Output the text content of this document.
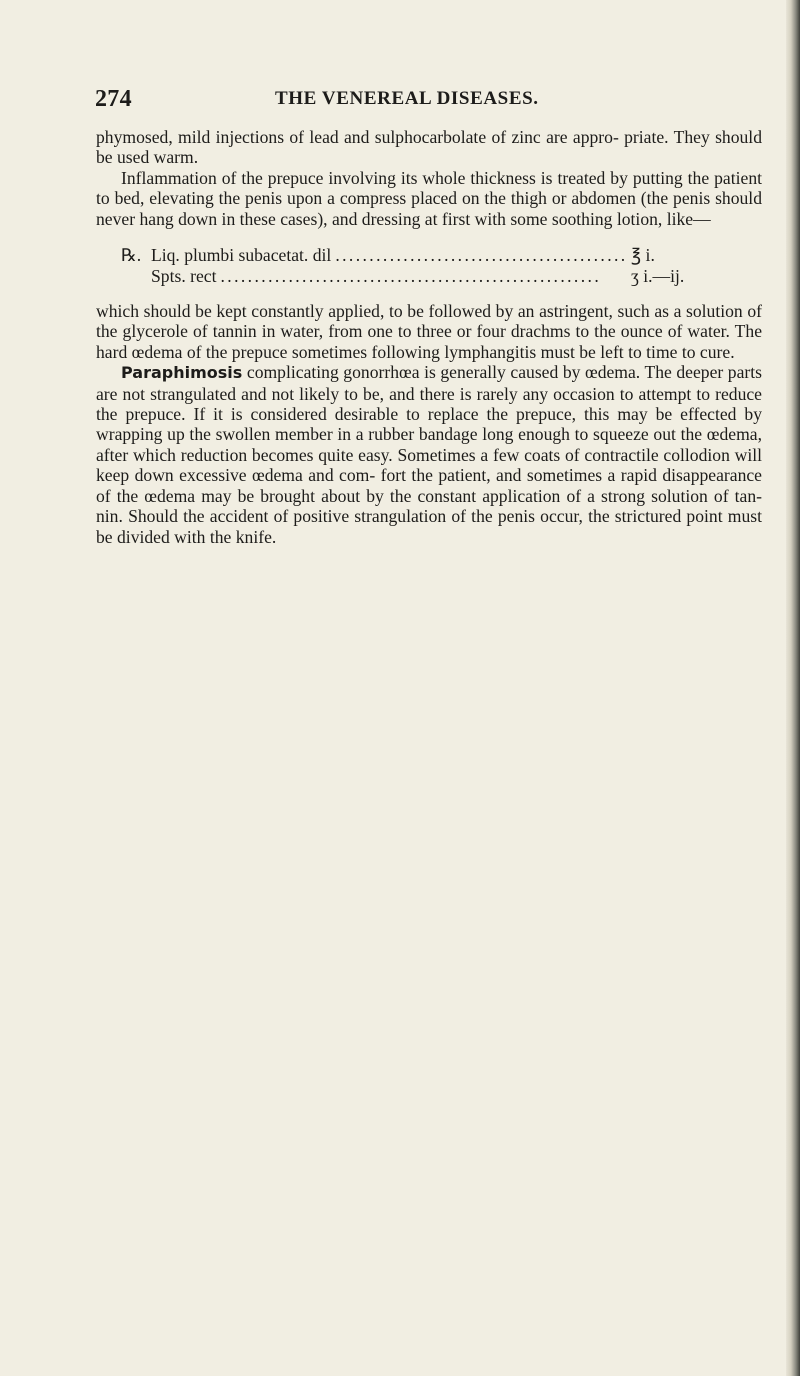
274	THE VENEREAL DISEASES.

phymosed, mild injections of lead and sulphocarbolate of zinc are appro- priate. They should be used warm.

Inflammation of the prepuce involving its whole thickness is treated by putting the patient to bed, elevating the penis upon a compress placed on the thigh or abdomen (the penis should never hang down in these cases), and dressing at first with some soothing lotion, like—

℞. Liq. plumbi subacetat. dil . . .	℥ i.
Spts. rect . . .	ʒ i.—ij.

which should be kept constantly applied, to be followed by an astringent, such as a solution of the glycerole of tannin in water, from one to three or four drachms to the ounce of water. The hard œdema of the prepuce sometimes following lymphangitis must be left to time to cure.

Paraphimosis complicating gonorrhœa is generally caused by œdema. The deeper parts are not strangulated and not likely to be, and there is rarely any occasion to attempt to reduce the prepuce. If it is considered desirable to replace the prepuce, this may be effected by wrapping up the swollen member in a rubber bandage long enough to squeeze out the œdema, after which reduction becomes quite easy. Sometimes a few coats of contractile collodion will keep down excessive œdema and com- fort the patient, and sometimes a rapid disappearance of the œdema may be brought about by the constant application of a strong solution of tan- nin. Should the accident of positive strangulation of the penis occur, the strictured point must be divided with the knife.
